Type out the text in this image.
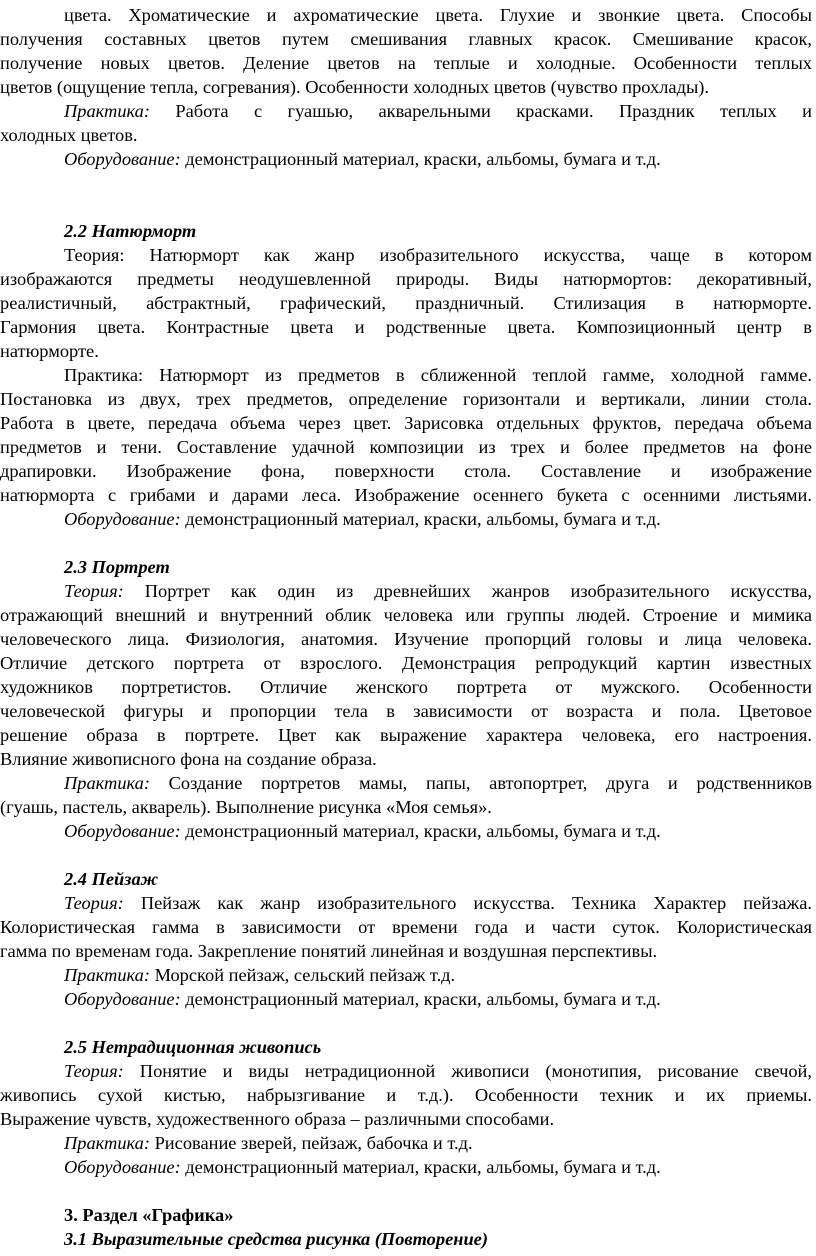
цвета. Хроматические и ахроматические цвета. Глухие и звонкие цвета. Способы
получения составных цветов путем смешивания главных красок. Смешивание красок,
получение новых цветов. Деление цветов на теплые и холодные. Особенности теплых
цветов (ощущение тепла, согревания). Особенности холодных цветов (чувство прохлады).
Практика: Работа с гуашью, акварельными красками. Праздник теплых и
холодных цветов.
Оборудование: демонстрационный материал, краски, альбомы, бумага и т.д.
2.2 Натюрморт
Теория: Натюрморт как жанр изобразительного искусства, чаще в котором
изображаются предметы неодушевленной природы. Виды натюрмортов: декоративный,
реалистичный, абстрактный, графический, праздничный. Стилизация в натюрморте.
Гармония цвета. Контрастные цвета и родственные цвета. Композиционный центр в
натюрморте.
Практика: Натюрморт из предметов в сближенной теплой гамме, холодной гамме.
Постановка из двух, трех предметов, определение горизонтали и вертикали, линии стола.
Работа в цвете, передача объема через цвет. Зарисовка отдельных фруктов, передача объема
предметов и тени. Составление удачной композиции из трех и более предметов на фоне
драпировки. Изображение фона, поверхности стола. Составление и изображение
натюрморта с грибами и дарами леса. Изображение осеннего букета с осенними листьями.
Оборудование: демонстрационный материал, краски, альбомы, бумага и т.д.
2.3 Портрет
Теория: Портрет как один из древнейших жанров изобразительного искусства,
отражающий внешний и внутренний облик человека или группы людей. Строение и мимика
человеческого лица. Физиология, анатомия. Изучение пропорций головы и лица человека.
Отличие детского портрета от взрослого. Демонстрация репродукций картин известных
художников портретистов. Отличие женского портрета от мужского. Особенности
человеческой фигуры и пропорции тела в зависимости от возраста и пола. Цветовое
решение образа в портрете. Цвет как выражение характера человека, его настроения.
Влияние живописного фона на создание образа.
Практика: Создание портретов мамы, папы, автопортрет, друга и родственников
(гуашь, пастель, акварель). Выполнение рисунка «Моя семья».
Оборудование: демонстрационный материал, краски, альбомы, бумага и т.д.
2.4 Пейзаж
Теория: Пейзаж как жанр изобразительного искусства. Техника Характер пейзажа.
Колористическая гамма в зависимости от времени года и части суток. Колористическая
гамма по временам года. Закрепление понятий линейная и воздушная перспективы.
Практика: Морской пейзаж, сельский пейзаж т.д.
Оборудование: демонстрационный материал, краски, альбомы, бумага и т.д.
2.5 Нетрадиционная живопись
Теория: Понятие и виды нетрадиционной живописи (монотипия, рисование свечой,
живопись сухой кистью, набрызгивание и т.д.). Особенности техник и их приемы.
Выражение чувств, художественного образа – различными способами.
Практика: Рисование зверей, пейзаж, бабочка и т.д.
Оборудование: демонстрационный материал, краски, альбомы, бумага и т.д.
3. Раздел «Графика»
3.1 Выразительные средства рисунка (Повторение)
